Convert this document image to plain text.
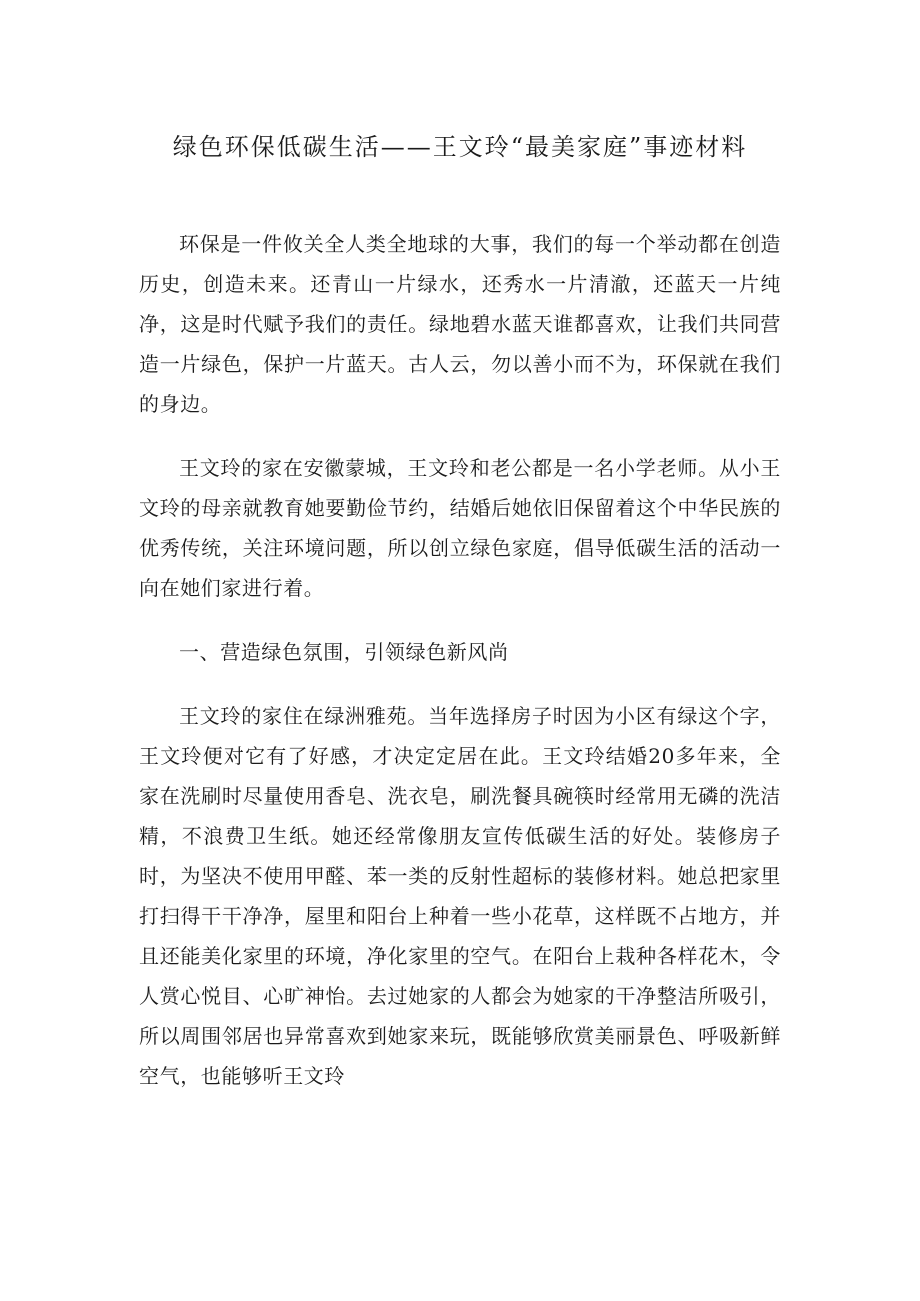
绿色环保低碳生活——王文玲“最美家庭”事迹材料

环保是一件攸关全人类全地球的大事，我们的每一个举动都在创造历史，创造未来。还青山一片绿水，还秀水一片清澈，还蓝天一片纯净，这是时代赋予我们的责任。绿地碧水蓝天谁都喜欢，让我们共同营造一片绿色，保护一片蓝天。古人云，勿以善小而不为，环保就在我们的身边。

王文玲的家在安徽蒙城，王文玲和老公都是一名小学老师。从小王文玲的母亲就教育她要勤俭节约，结婚后她依旧保留着这个中华民族的优秀传统，关注环境问题，所以创立绿色家庭，倡导低碳生活的活动一向在她们家进行着。

一、营造绿色氛围，引领绿色新风尚

王文玲的家住在绿洲雅苑。当年选择房子时因为小区有绿这个字，王文玲便对它有了好感，才决定定居在此。王文玲结婚20多年来，全家在洗刷时尽量使用香皂、洗衣皂，刷洗餐具碗筷时经常用无磷的洗洁精，不浪费卫生纸。她还经常像朋友宣传低碳生活的好处。装修房子时，为坚决不使用甲醛、苯一类的反射性超标的装修材料。她总把家里打扫得干干净净，屋里和阳台上种着一些小花草，这样既不占地方，并且还能美化家里的环境，净化家里的空气。在阳台上栽种各样花木，令人赏心悦目、心旷神怡。去过她家的人都会为她家的干净整洁所吸引，所以周围邻居也异常喜欢到她家来玩，既能够欣赏美丽景色、呼吸新鲜空气，也能够听王文玲
